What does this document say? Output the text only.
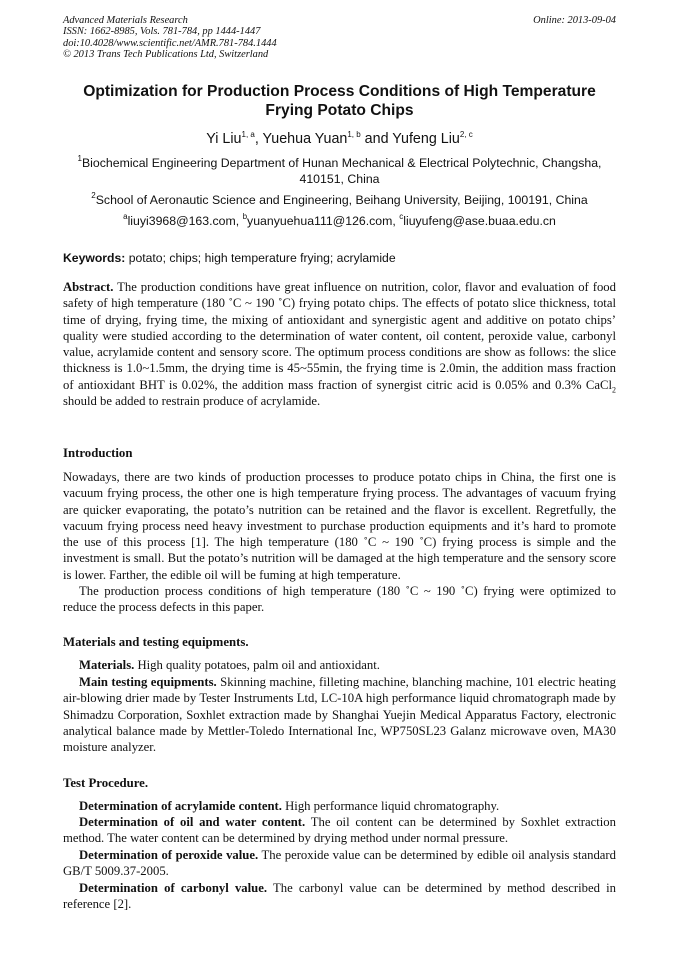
Advanced Materials Research
ISSN: 1662-8985, Vols. 781-784, pp 1444-1447
doi:10.4028/www.scientific.net/AMR.781-784.1444
© 2013 Trans Tech Publications Ltd, Switzerland
Online: 2013-09-04
Optimization for Production Process Conditions of High Temperature Frying Potato Chips
Yi Liu$^{1, a}$, Yuehua Yuan$^{1, b}$ and Yufeng Liu$^{2, c}$
$^1$Biochemical Engineering Department of Hunan Mechanical & Electrical Polytechnic, Changsha, 410151, China
$^2$School of Aeronautic Science and Engineering, Beihang University, Beijing, 100191, China
$^a$liuyi3968@163.com, $^b$yuanyuehua111@126.com, $^c$liuyufeng@ase.buaa.edu.cn
Keywords: potato; chips; high temperature frying; acrylamide

Abstract. The production conditions have great influence on nutrition, color, flavor and evaluation of food safety of high temperature (180 ˚C ~ 190 ˚C) frying potato chips. The effects of potato slice thickness, total time of drying, frying time, the mixing of antioxidant and synergistic agent and additive on potato chips’ quality were studied according to the determination of water content, oil content, peroxide value, carbonyl value, acrylamide content and sensory score. The optimum process conditions are show as follows: the slice thickness is 1.0~1.5mm, the drying time is 45~55min, the frying time is 2.0min, the addition mass fraction of antioxidant BHT is 0.02%, the addition mass fraction of synergist citric acid is 0.05% and 0.3% CaCl$_2$ should be added to restrain produce of acrylamide.

Introduction

Nowadays, there are two kinds of production processes to produce potato chips in China, the first one is vacuum frying process, the other one is high temperature frying process. The advantages of vacuum frying are quicker evaporating, the potato’s nutrition can be retained and the flavor is excellent. Regretfully, the vacuum frying process need heavy investment to purchase production equipments and it’s hard to promote the use of this process [1]. The high temperature (180 ˚C ~ 190 ˚C) frying process is simple and the investment is small. But the potato’s nutrition will be damaged at the high temperature and the sensory score is lower. Farther, the edible oil will be fuming at high temperature.

The production process conditions of high temperature (180 ˚C ~ 190 ˚C) frying were optimized to reduce the process defects in this paper.

Materials and testing equipments.

Materials. High quality potatoes, palm oil and antioxidant.

Main testing equipments. Skinning machine, filleting machine, blanching machine, 101 electric heating air-blowing drier made by Tester Instruments Ltd, LC-10A high performance liquid chromatograph made by Shimadzu Corporation, Soxhlet extraction made by Shanghai Yuejin Medical Apparatus Factory, electronic analytical balance made by Mettler-Toledo International Inc, WP750SL23 Galanz microwave oven, MA30 moisture analyzer.

Test Procedure.

Determination of acrylamide content. High performance liquid chromatography.

Determination of oil and water content. The oil content can be determined by Soxhlet extraction method. The water content can be determined by drying method under normal pressure.

Determination of peroxide value. The peroxide value can be determined by edible oil analysis standard GB/T 5009.37-2005.

Determination of carbonyl value. The carbonyl value can be determined by method described in reference [2].
